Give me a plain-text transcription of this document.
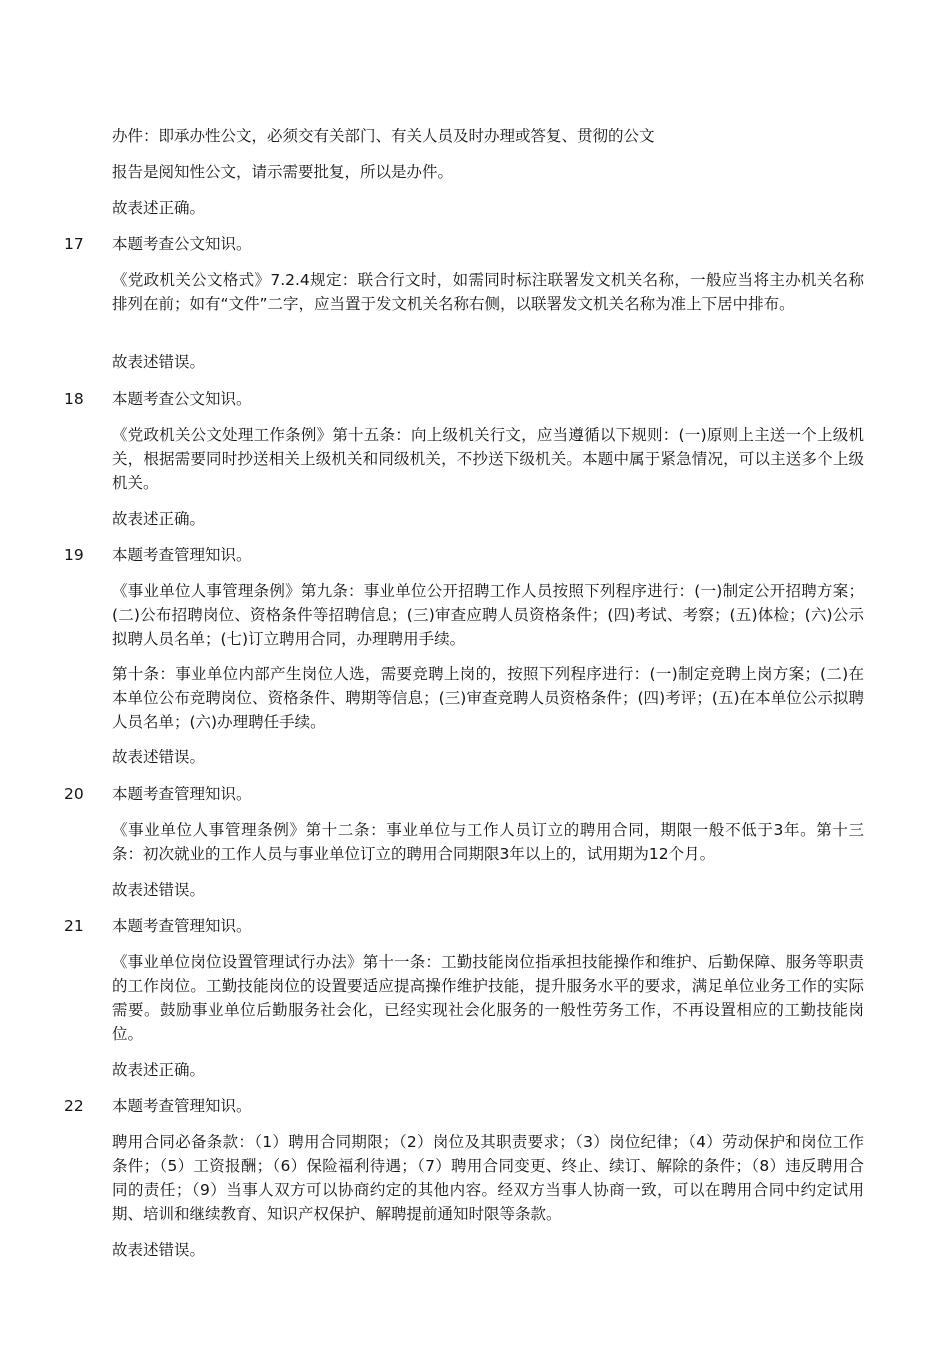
办件：即承办性公文，必须交有关部门、有关人员及时办理或答复、贯彻的公文

报告是阅知性公文，请示需要批复，所以是办件。

故表述正确。

17 本题考查公文知识。

《党政机关公文格式》7.2.4规定：联合行文时，如需同时标注联署发文机关名称，一般应当将主办机关名称排列在前；如有“文件”二字，应当置于发文机关名称右侧，以联署发文机关名称为准上下居中排布。

故表述错误。

18 本题考查公文知识。

《党政机关公文处理工作条例》第十五条：向上级机关行文，应当遵循以下规则：(一)原则上主送一个上级机关，根据需要同时抄送相关上级机关和同级机关，不抄送下级机关。本题中属于紧急情况，可以主送多个上级机关。

故表述正确。

19 本题考查管理知识。

《事业单位人事管理条例》第九条：事业单位公开招聘工作人员按照下列程序进行：(一)制定公开招聘方案；(二)公布招聘岗位、资格条件等招聘信息；(三)审查应聘人员资格条件；(四)考试、考察；(五)体检；(六)公示拟聘人员名单；(七)订立聘用合同，办理聘用手续。

第十条：事业单位内部产生岗位人选，需要竞聘上岗的，按照下列程序进行：(一)制定竞聘上岗方案；(二)在本单位公布竞聘岗位、资格条件、聘期等信息；(三)审查竞聘人员资格条件；(四)考评；(五)在本单位公示拟聘人员名单；(六)办理聘任手续。

故表述错误。

20 本题考查管理知识。

《事业单位人事管理条例》第十二条：事业单位与工作人员订立的聘用合同，期限一般不低于3年。第十三条：初次就业的工作人员与事业单位订立的聘用合同期限3年以上的，试用期为12个月。

故表述错误。

21 本题考查管理知识。

《事业单位岗位设置管理试行办法》第十一条：工勤技能岗位指承担技能操作和维护、后勤保障、服务等职责的工作岗位。工勤技能岗位的设置要适应提高操作维护技能，提升服务水平的要求，满足单位业务工作的实际需要。鼓励事业单位后勤服务社会化，已经实现社会化服务的一般性劳务工作，不再设置相应的工勤技能岗位。

故表述正确。

22 本题考查管理知识。

聘用合同必备条款：（1）聘用合同期限；（2）岗位及其职责要求；（3）岗位纪律；（4）劳动保护和岗位工作条件；（5）工资报酬；（6）保险福利待遇；（7）聘用合同变更、终止、续订、解除的条件；（8）违反聘用合同的责任；（9）当事人双方可以协商约定的其他内容。经双方当事人协商一致，可以在聘用合同中约定试用期、培训和继续教育、知识产权保护、解聘提前通知时限等条款。

故表述错误。
